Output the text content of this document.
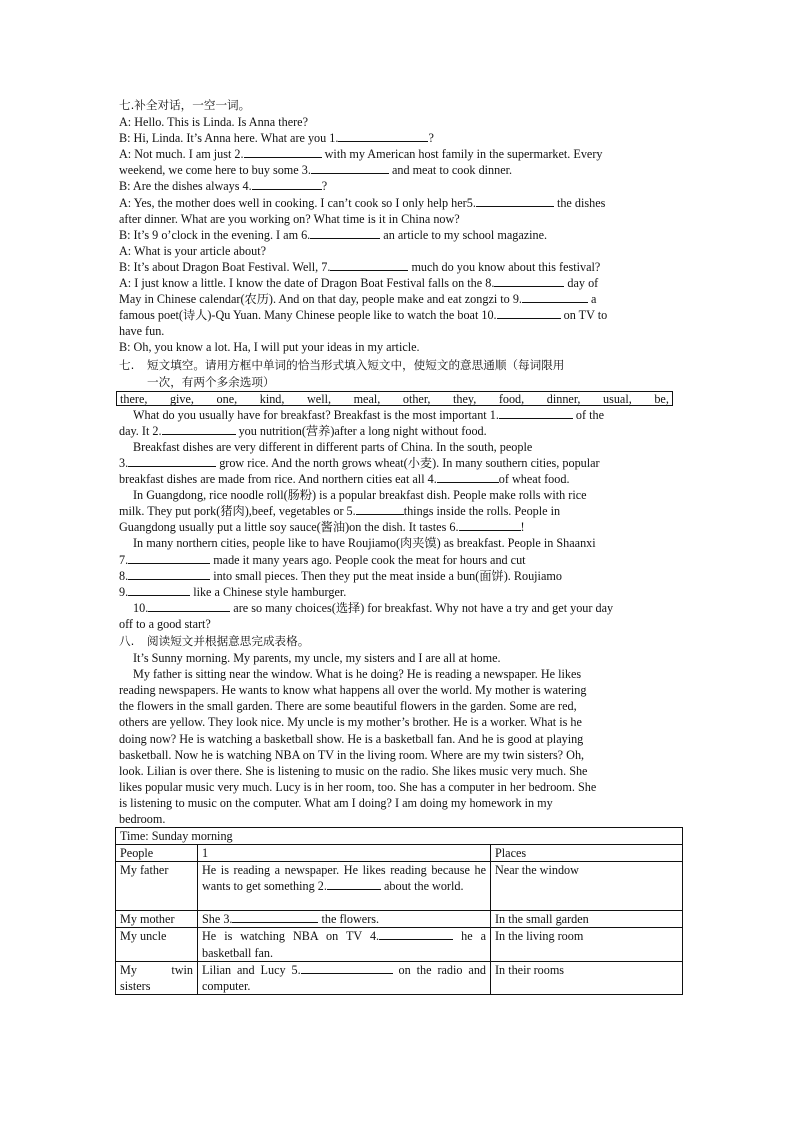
七.补全对话，一空一词。
A: Hello. This is Linda. Is Anna there?
B: Hi, Linda. It’s Anna here. What are you 1.	?
A: Not much. I am just 2.	with my American host family in the supermarket. Every
weekend, we come here to buy some 3.	and meat to cook dinner.
B: Are the dishes always 4.	?
A: Yes, the mother does well in cooking. I can’t cook so I only help her5.	the dishes
after dinner. What are you working on? What time is it in China now?
B: It’s 9 o’clock in the evening. I am 6.	an article to my school magazine.
A: What is your article about?
B: It’s about Dragon Boat Festival. Well, 7.	much do you know about this festival?
A: I just know a little. I know the date of Dragon Boat Festival falls on the 8.	day of
May in Chinese calendar(农历). And on that day, people make and eat zongzi to 9.	a
famous poet(诗人)-Qu Yuan. Many Chinese people like to watch the boat 10.	on TV to
have fun.
B: Oh, you know a lot. Ha, I will put your ideas in my article.
七. 短文填空。请用方框中单词的恰当形式填入短文中，使短文的意思通顺（每词限用
一次，有两个多余选项）
there, give, one, kind, well, meal, other, they, food, dinner, usual, be,
What do you usually have for breakfast? Breakfast is the most important 1.	of the
day. It 2.	you nutrition(营养)after a long night without food.
Breakfast dishes are very different in different parts of China. In the south, people
3.	grow rice. And the north grows wheat(小麦). In many southern cities, popular
breakfast dishes are made from rice. And northern cities eat all 4.	of wheat food.
In Guangdong, rice noodle roll(肠粉) is a popular breakfast dish. People make rolls with rice
milk. They put pork(猪肉),beef, vegetables or 5.	things inside the rolls. People in
Guangdong usually put a little soy sauce(酱油)on the dish. It tastes 6.	!
In many northern cities, people like to have Roujiamo(肉夹馍) as breakfast. People in Shaanxi
7.	made it many years ago. People cook the meat for hours and cut
8.	into small pieces. Then they put the meat inside a bun(面饼). Roujiamo
9.	like a Chinese style hamburger.
10.	are so many choices(选择) for breakfast. Why not have a try and get your day
off to a good start?
八. 阅读短文并根据意思完成表格。
It’s Sunny morning. My parents, my uncle, my sisters and I are all at home.
My father is sitting near the window. What is he doing? He is reading a newspaper. He likes
reading newspapers. He wants to know what happens all over the world. My mother is watering
the flowers in the small garden. There are some beautiful flowers in the garden. Some are red,
others are yellow. They look nice. My uncle is my mother’s brother. He is a worker. What is he
doing now? He is watching a basketball show. He is a basketball fan. And he is good at playing
basketball. Now he is watching NBA on TV in the living room. Where are my twin sisters? Oh,
look. Lilian is over there. She is listening to music on the radio. She likes music very much. She
likes popular music very much. Lucy is in her room, too. She has a computer in her bedroom. She
is listening to music on the computer. What am I doing? I am doing my homework in my
bedroom.
Time: Sunday morning		
People	1	Places
My father	He is reading a newspaper. He likes reading because he wants to get something 2. about the world.	Near the window
My mother	She 3. the flowers.	In the small garden
My uncle	He is watching NBA on TV 4. he a basketball fan.	In the living room
My twin sisters	Lilian and Lucy 5. on the radio and computer.	In their rooms
